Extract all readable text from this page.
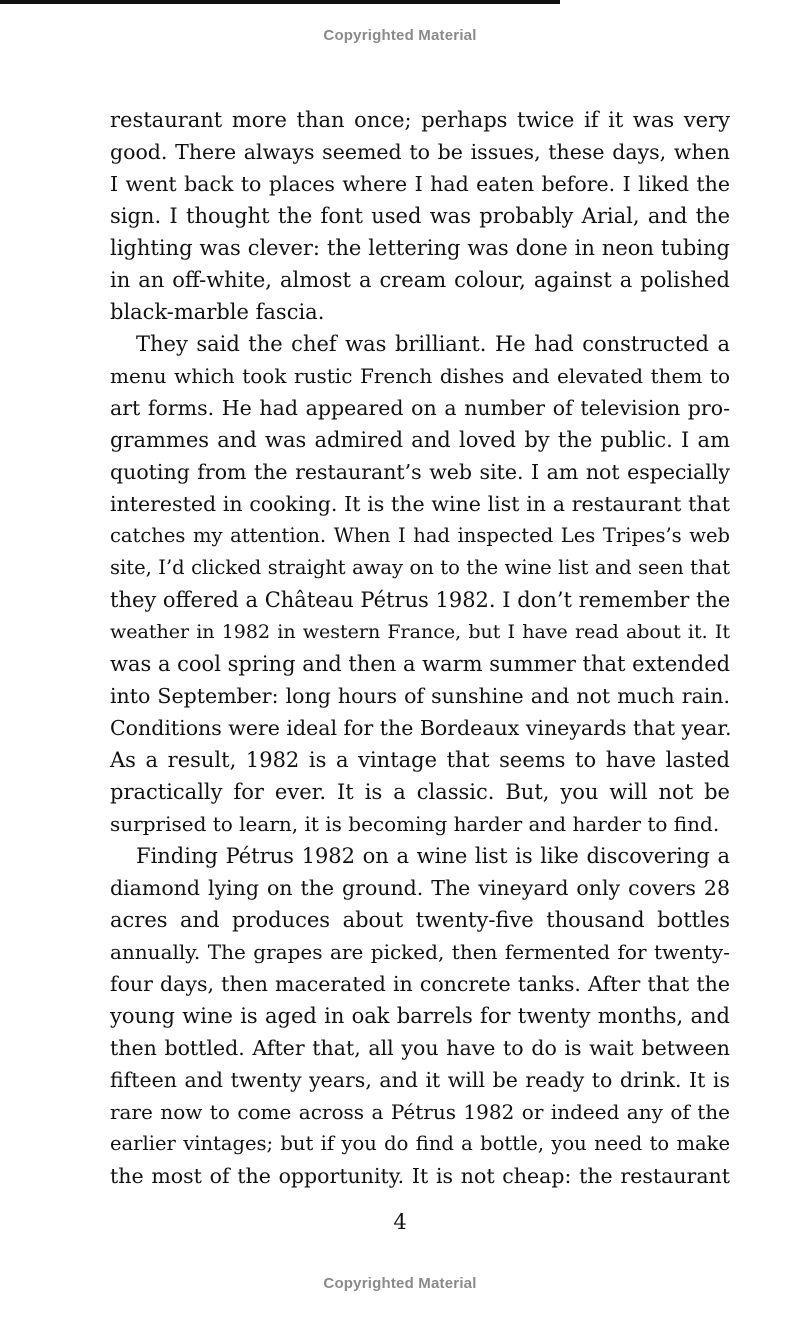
Copyrighted Material
restaurant more than once; perhaps twice if it was very
good. There always seemed to be issues, these days, when
I went back to places where I had eaten before. I liked the
sign. I thought the font used was probably Arial, and the
lighting was clever: the lettering was done in neon tubing
in an off-white, almost a cream colour, against a polished
black-marble fascia.
They said the chef was brilliant. He had constructed a
menu which took rustic French dishes and elevated them to
art forms. He had appeared on a number of television pro-
grammes and was admired and loved by the public. I am
quoting from the restaurant’s web site. I am not especially
interested in cooking. It is the wine list in a restaurant that
catches my attention. When I had inspected Les Tripes’s web
site, I’d clicked straight away on to the wine list and seen that
they offered a Château Pétrus 1982. I don’t remember the
weather in 1982 in western France, but I have read about it. It
was a cool spring and then a warm summer that extended
into September: long hours of sunshine and not much rain.
Conditions were ideal for the Bordeaux vineyards that year.
As a result, 1982 is a vintage that seems to have lasted
practically for ever. It is a classic. But, you will not be
surprised to learn, it is becoming harder and harder to find.
Finding Pétrus 1982 on a wine list is like discovering a
diamond lying on the ground. The vineyard only covers 28
acres and produces about twenty-five thousand bottles
annually. The grapes are picked, then fermented for twenty-
four days, then macerated in concrete tanks. After that the
young wine is aged in oak barrels for twenty months, and
then bottled. After that, all you have to do is wait between
fifteen and twenty years, and it will be ready to drink. It is
rare now to come across a Pétrus 1982 or indeed any of the
earlier vintages; but if you do find a bottle, you need to make
the most of the opportunity. It is not cheap: the restaurant
4
Copyrighted Material
